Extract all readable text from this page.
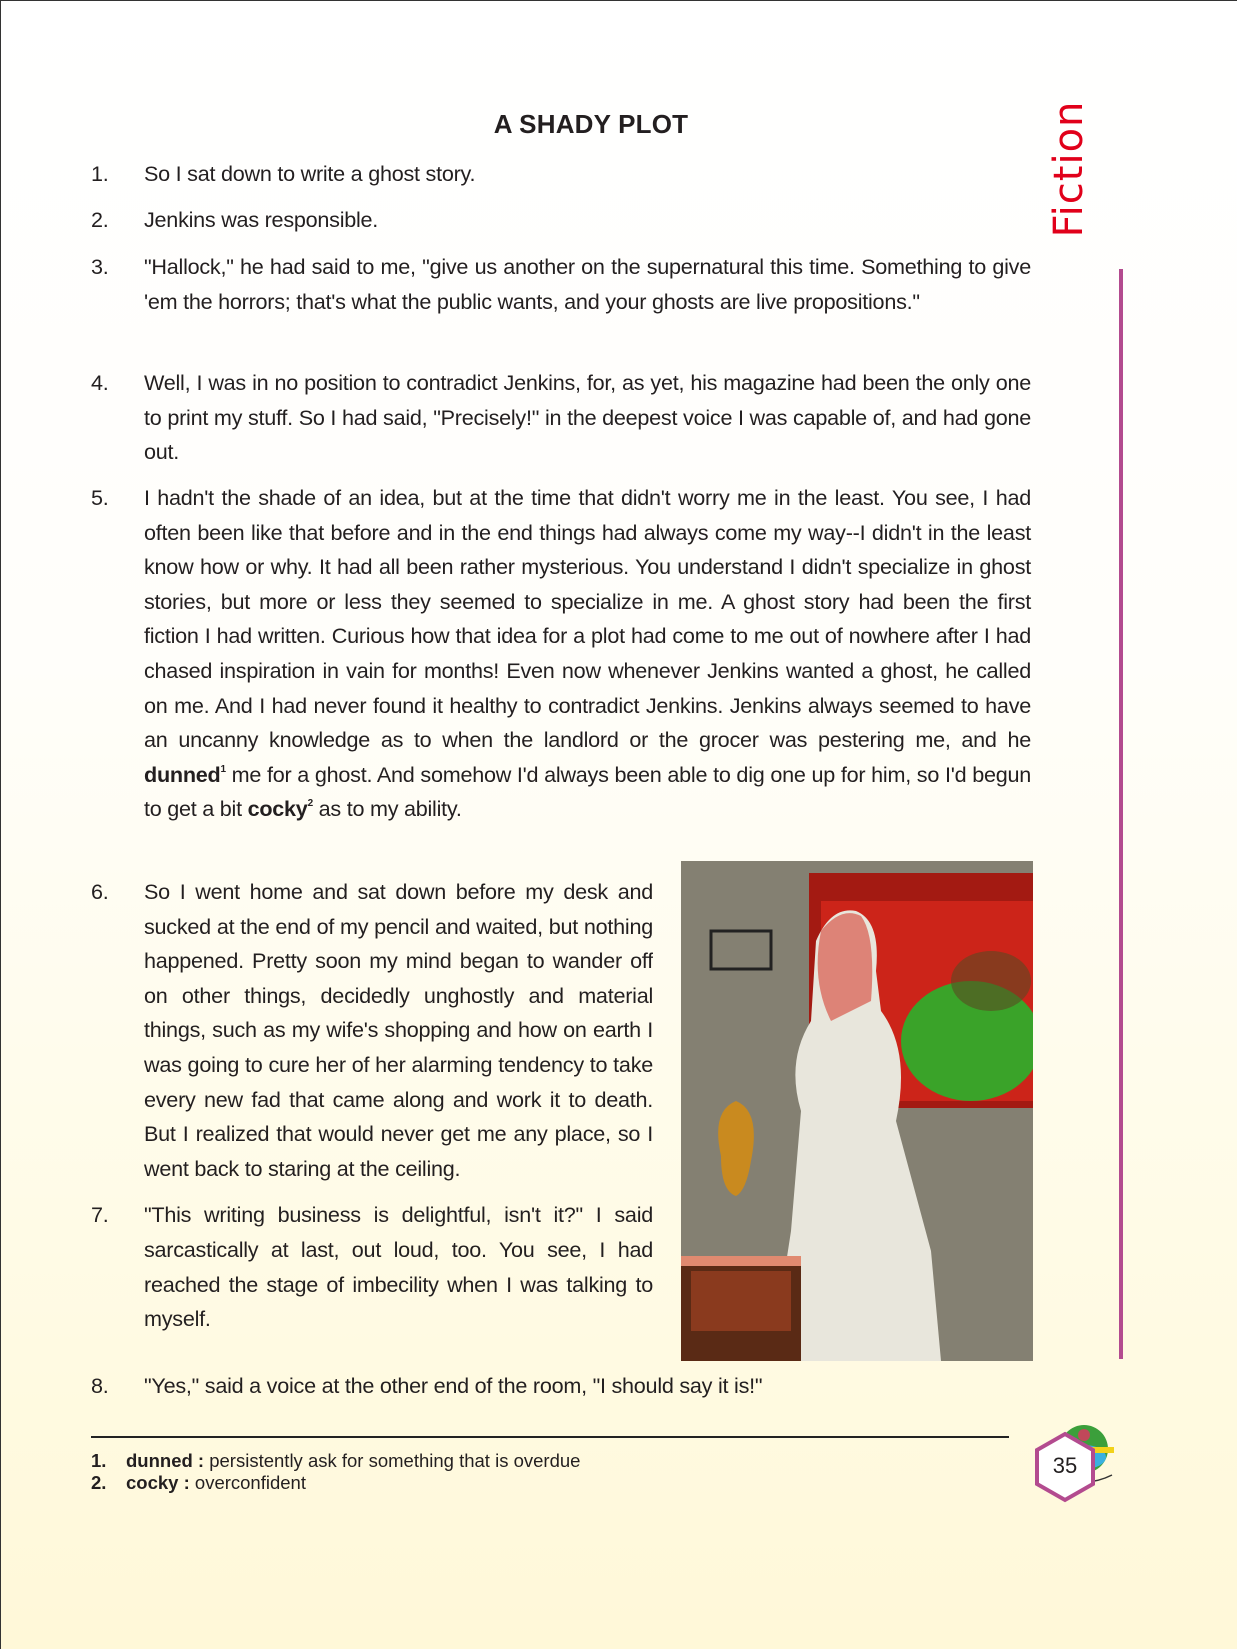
A SHADY PLOT
1.	So I sat down to write a ghost story.
2.	Jenkins was responsible.
3.	"Hallock," he had said to me, "give us another on the supernatural this time. Something to give 'em the horrors; that's what the public wants, and your ghosts are live propositions."
4.	Well, I was in no position to contradict Jenkins, for, as yet, his magazine had been the only one to print my stuff. So I had said, "Precisely!" in the deepest voice I was capable of, and had gone out.
5.	I hadn't the shade of an idea, but at the time that didn't worry me in the least. You see, I had often been like that before and in the end things had always come my way--I didn't in the least know how or why. It had all been rather mysterious. You understand I didn't specialize in ghost stories, but more or less they seemed to specialize in me. A ghost story had been the first fiction I had written. Curious how that idea for a plot had come to me out of nowhere after I had chased inspiration in vain for months! Even now whenever Jenkins wanted a ghost, he called on me. And I had never found it healthy to contradict Jenkins. Jenkins always seemed to have an uncanny knowledge as to when the landlord or the grocer was pestering me, and he dunned$^1$ me for a ghost. And somehow I'd always been able to dig one up for him, so I'd begun to get a bit cocky$^2$ as to my ability.
6.	So I went home and sat down before my desk and sucked at the end of my pencil and waited, but nothing happened. Pretty soon my mind began to wander off on other things, decidedly unghostly and material things, such as my wife's shopping and how on earth I was going to cure her of her alarming tendency to take every new fad that came along and work it to death. But I realized that would never get me any place, so I went back to staring at the ceiling.
7.	"This writing business is delightful, isn't it?" I said sarcastically at last, out loud, too. You see, I had reached the stage of imbecility when I was talking to myself.
8.	"Yes," said a voice at the other end of the room, "I should say it is!"
Fiction
1. dunned : persistently ask for something that is overdue
2. cocky : overconfident
35
